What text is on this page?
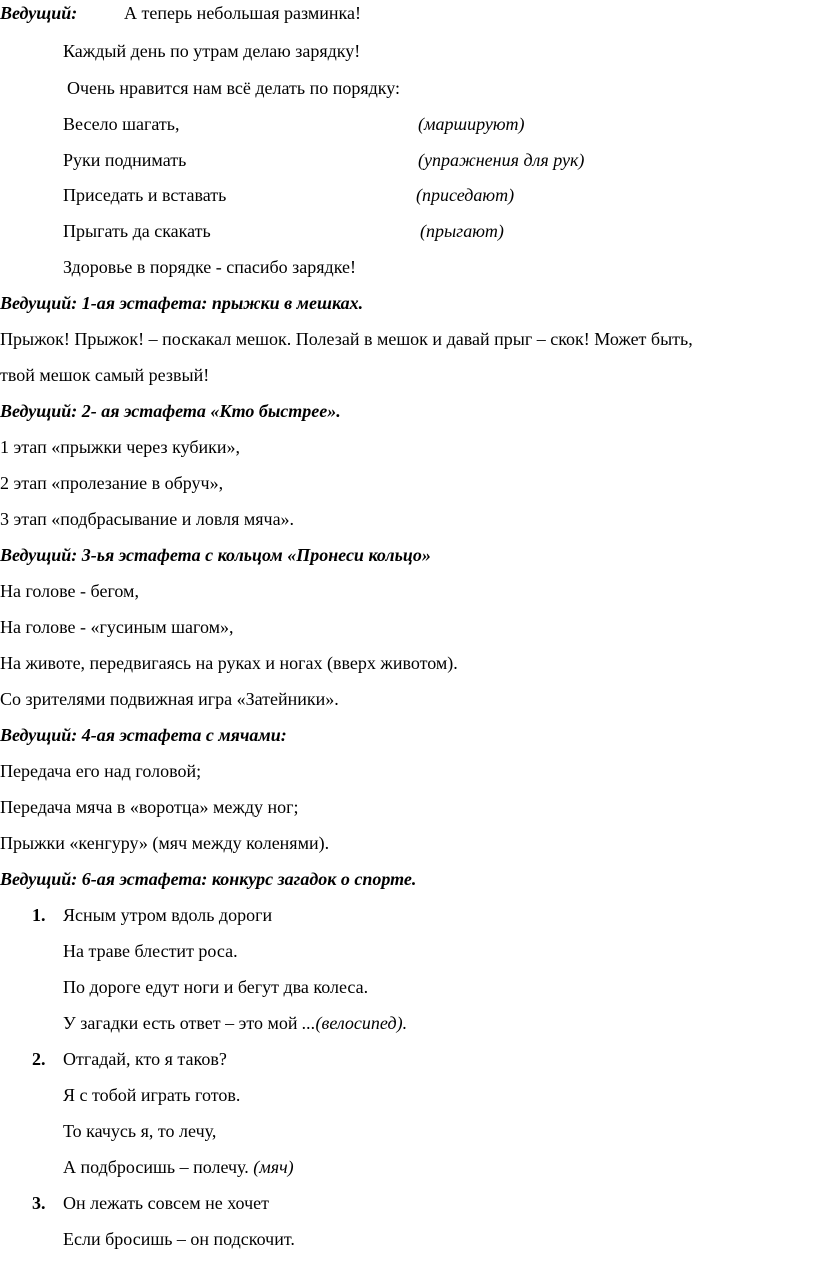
Ведущий:	А теперь небольшая разминка!
Каждый день по утрам делаю зарядку!
Очень нравится нам всё делать по порядку:
Весело шагать,	(маршируют)
Руки поднимать	(упражнения для рук)
Приседать и вставать	(приседают)
Прыгать да скакать	(прыгают)
Здоровье в порядке - спасибо зарядке!
Ведущий: 1-ая эстафета: прыжки в мешках.
Прыжок! Прыжок! – поскакал мешок. Полезай в мешок и давай прыг – скок! Может быть,
твой мешок самый резвый!
Ведущий: 2- ая эстафета «Кто быстрее».
1 этап «прыжки через кубики»,
2 этап «пролезание в обруч»,
3 этап «подбрасывание и ловля мяча».
Ведущий: 3-ья эстафета с кольцом «Пронеси кольцо»
На голове - бегом,
На голове - «гусиным шагом»,
На животе, передвигаясь на руках и ногах (вверх животом).
Со зрителями подвижная игра «Затейники».
Ведущий: 4-ая эстафета с мячами:
Передача его над головой;
Передача мяча в «воротца» между ног;
Прыжки «кенгуру» (мяч между коленями).
Ведущий: 6-ая эстафета: конкурс загадок о спорте.
1. Ясным утром вдоль дороги
На траве блестит роса.
По дороге едут ноги и бегут два колеса.
У загадки есть ответ – это мой ...(велосипед).
2. Отгадай, кто я таков?
Я с тобой играть готов.
То качусь я, то лечу,
А подбросишь – полечу. (мяч)
3. Он лежать совсем не хочет
Если бросишь – он подскочит.
